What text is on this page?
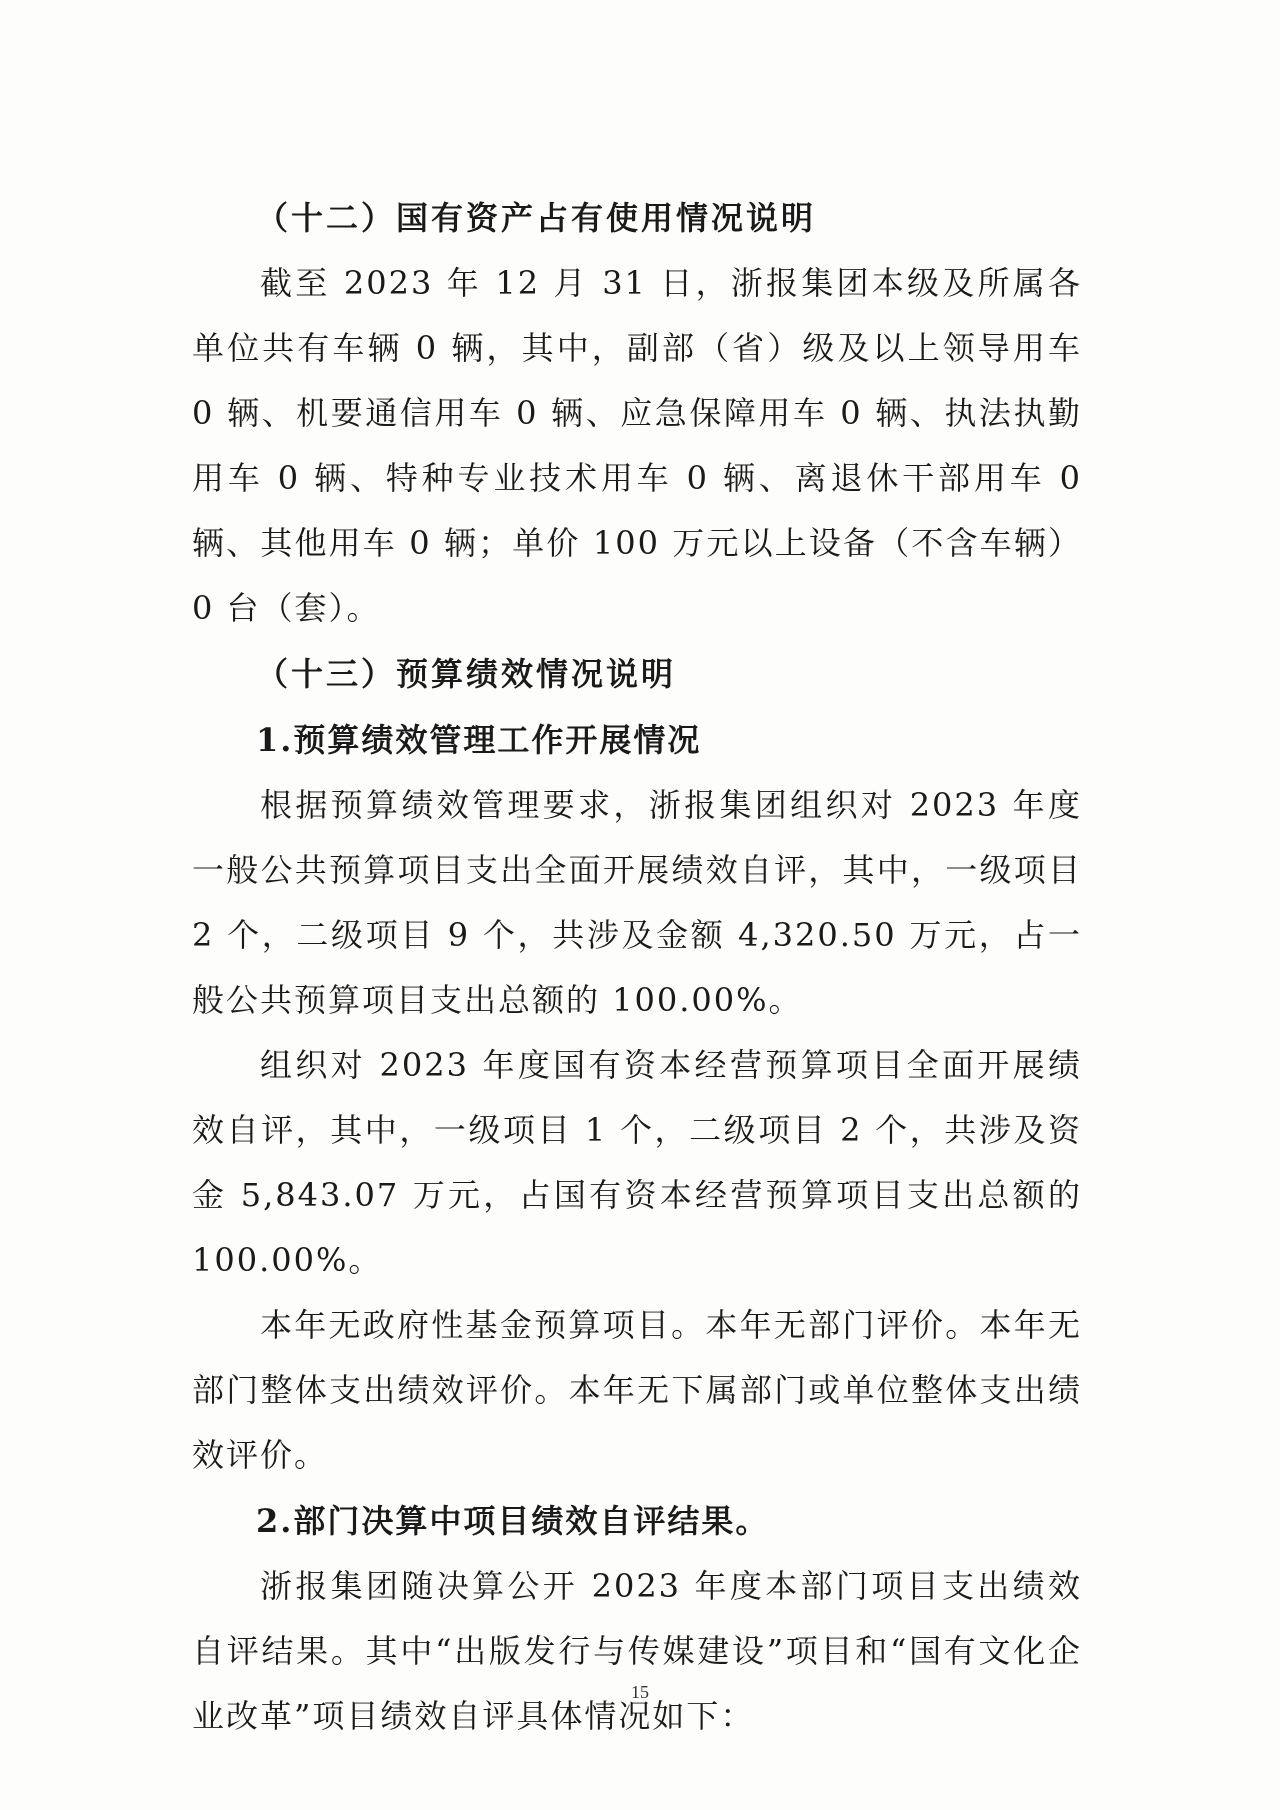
（十二）国有资产占有使用情况说明

截至 2023 年 12 月 31 日，浙报集团本级及所属各单位共有车辆 0 辆，其中，副部（省）级及以上领导用车 0 辆、机要通信用车 0 辆、应急保障用车 0 辆、执法执勤用车 0 辆、特种专业技术用车 0 辆、离退休干部用车 0 辆、其他用车 0 辆；单价 100 万元以上设备（不含车辆）0 台（套）。

（十三）预算绩效情况说明
1.预算绩效管理工作开展情况

根据预算绩效管理要求，浙报集团组织对 2023 年度一般公共预算项目支出全面开展绩效自评，其中，一级项目 2 个，二级项目 9 个，共涉及金额 4,320.50 万元，占一般公共预算项目支出总额的 100.00%。

组织对 2023 年度国有资本经营预算项目全面开展绩效自评，其中，一级项目 1 个，二级项目 2 个，共涉及资金 5,843.07 万元，占国有资本经营预算项目支出总额的 100.00%。

本年无政府性基金预算项目。本年无部门评价。本年无部门整体支出绩效评价。本年无下属部门或单位整体支出绩效评价。

2.部门决算中项目绩效自评结果。

浙报集团随决算公开 2023 年度本部门项目支出绩效自评结果。其中“出版发行与传媒建设”项目和“国有文化企业改革”项目绩效自评具体情况如下：

15
